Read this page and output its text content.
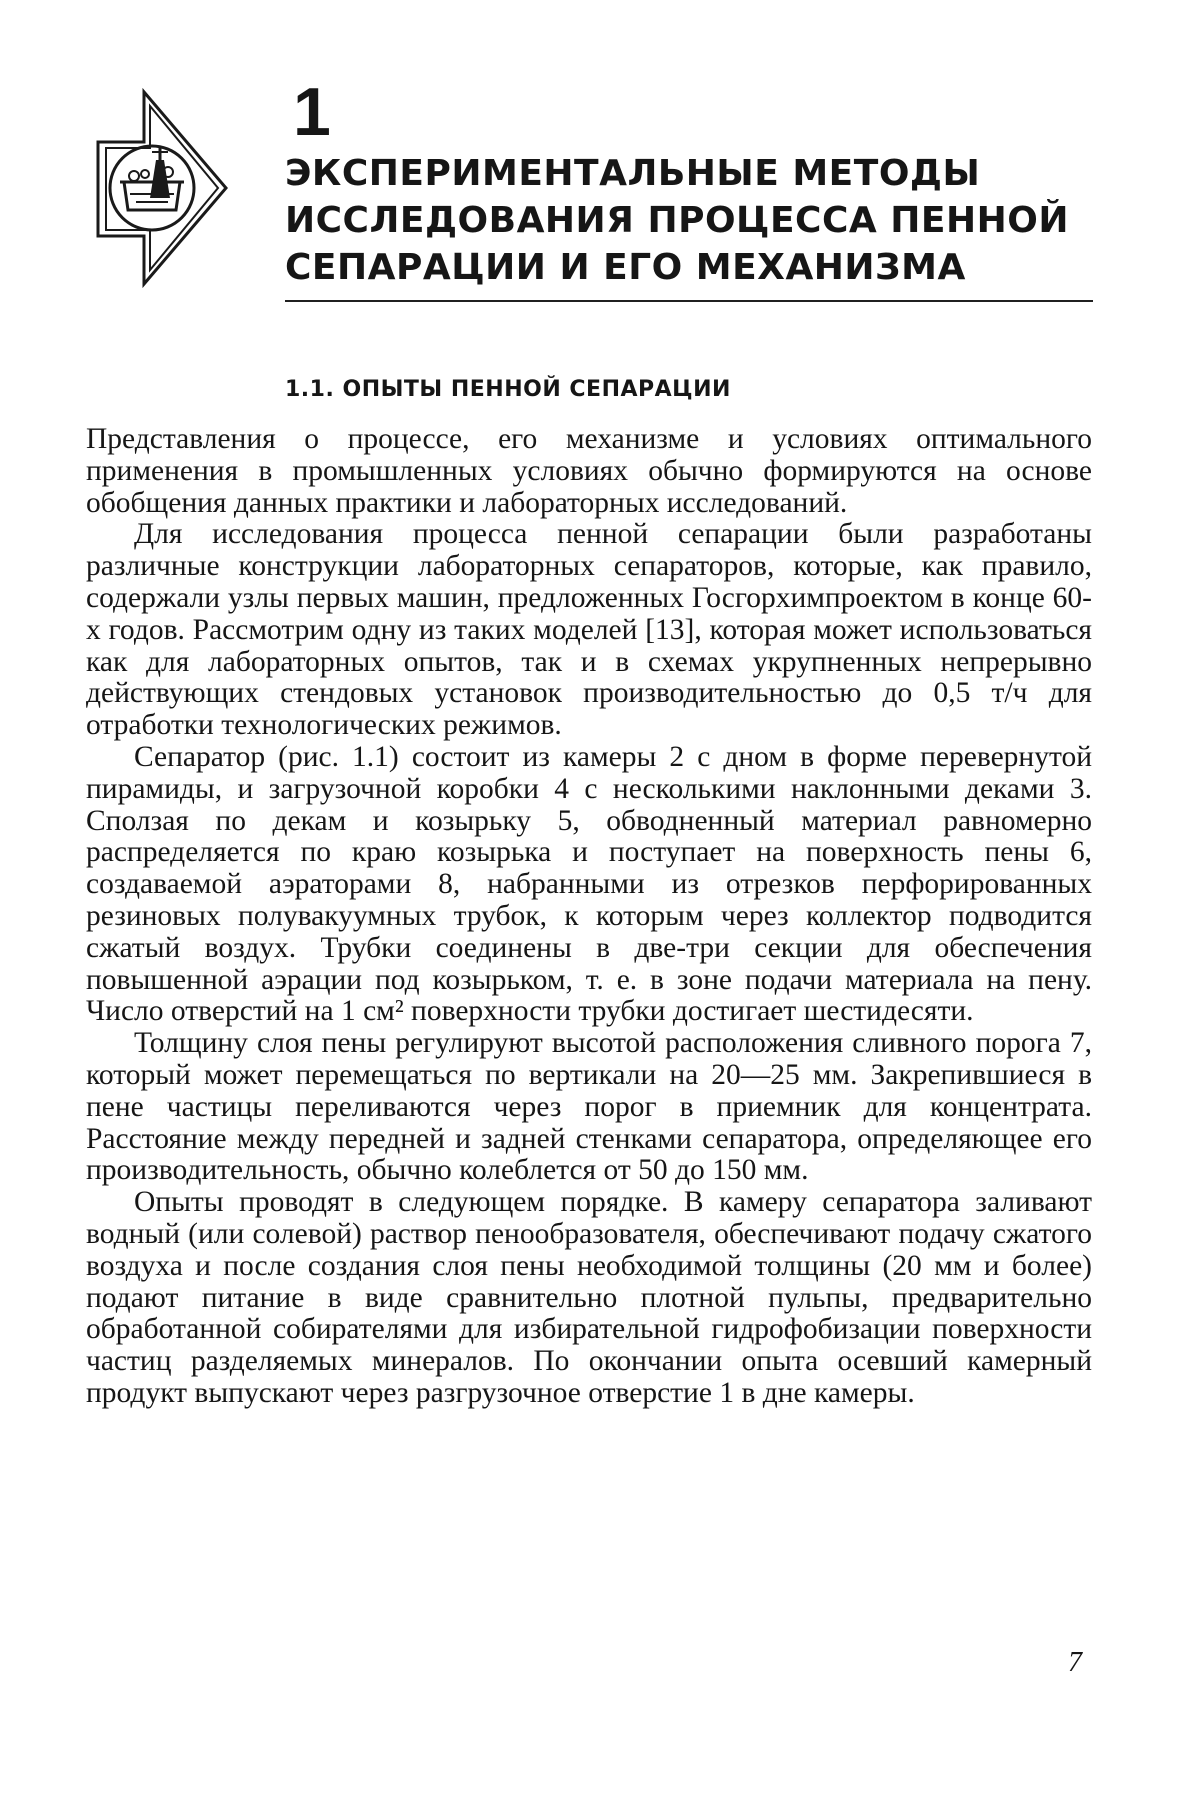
1
ЭКСПЕРИМЕНТАЛЬНЫЕ МЕТОДЫ
ИССЛЕДОВАНИЯ ПРОЦЕССА ПЕННОЙ
СЕПАРАЦИИ И ЕГО МЕХАНИЗМА
1.1. ОПЫТЫ ПЕННОЙ СЕПАРАЦИИ

Представления о процессе, его механизме и условиях оптимального применения в промышленных условиях обычно формируются на основе обобщения данных практики и лабораторных исследований.

Для исследования процесса пенной сепарации были разработаны различные конструкции лабораторных сепараторов, которые, как правило, содержали узлы первых машин, предложенных Госгорхимпроектом в конце 60-х годов. Рассмотрим одну из таких моделей [13], которая может использоваться как для лабораторных опытов, так и в схемах укрупненных непрерывно действующих стендовых установок производительностью до 0,5 т/ч для отработки технологических режимов.

Сепаратор (рис. 1.1) состоит из камеры 2 с дном в форме перевернутой пирамиды, и загрузочной коробки 4 с несколькими наклонными деками 3. Сползая по декам и козырьку 5, обводненный материал равномерно распределяется по краю козырька и поступает на поверхность пены 6, создаваемой аэраторами 8, набранными из отрезков перфорированных резиновых полувакуумных трубок, к которым через коллектор подводится сжатый воздух. Трубки соединены в две-три секции для обеспечения повышенной аэрации под козырьком, т. е. в зоне подачи материала на пену. Число отверстий на 1 см² поверхности трубки достигает шестидесяти.

Толщину слоя пены регулируют высотой расположения сливного порога 7, который может перемещаться по вертикали на 20—25 мм. Закрепившиеся в пене частицы переливаются через порог в приемник для концентрата. Расстояние между передней и задней стенками сепаратора, определяющее его производительность, обычно колеблется от 50 до 150 мм.

Опыты проводят в следующем порядке. В камеру сепаратора заливают водный (или солевой) раствор пенообразователя, обеспечивают подачу сжатого воздуха и после создания слоя пены необходимой толщины (20 мм и более) подают питание в виде сравнительно плотной пульпы, предварительно обработанной собирателями для избирательной гидрофобизации поверхности частиц разделяемых минералов. По окончании опыта осевший камерный продукт выпускают через разгрузочное отверстие 1 в дне камеры.

7
